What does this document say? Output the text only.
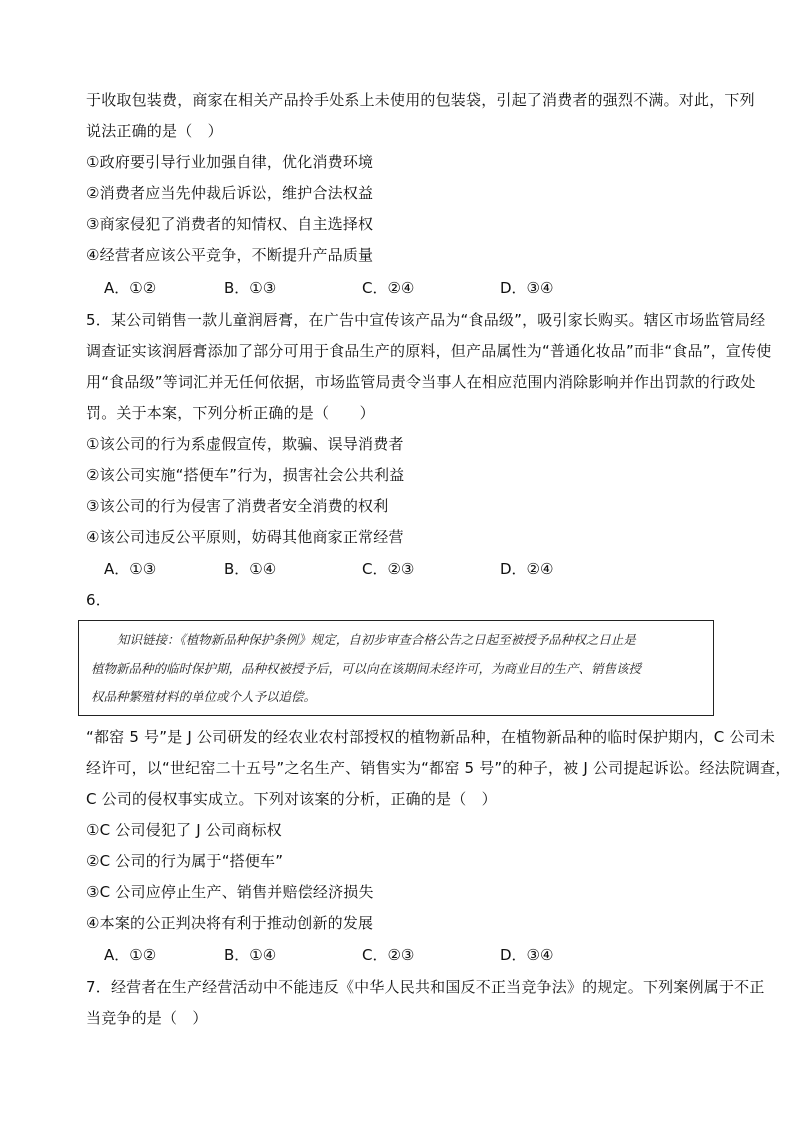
于收取包装费，商家在相关产品拎手处系上未使用的包装袋，引起了消费者的强烈不满。对此，下列
说法正确的是（　）
①政府要引导行业加强自律，优化消费环境
②消费者应当先仲裁后诉讼，维护合法权益
③商家侵犯了消费者的知情权、自主选择权
④经营者应该公平竞争，不断提升产品质量
A．①②	B．①③	C．②④	D．③④
5．某公司销售一款儿童润唇膏，在广告中宣传该产品为“食品级”，吸引家长购买。辖区市场监管局经
调查证实该润唇膏添加了部分可用于食品生产的原料，但产品属性为“普通化妆品”而非“食品”，宣传使
用“食品级”等词汇并无任何依据，市场监管局责令当事人在相应范围内消除影响并作出罚款的行政处
罚。关于本案，下列分析正确的是（　　）
①该公司的行为系虚假宣传，欺骗、误导消费者
②该公司实施“搭便车”行为，损害社会公共利益
③该公司的行为侵害了消费者安全消费的权利
④该公司违反公平原则，妨碍其他商家正常经营
A．①③	B．①④	C．②③	D．②④
6．
知识链接：《植物新品种保护条例》规定，自初步审查合格公告之日起至被授予品种权之日止是
植物新品种的临时保护期，品种权被授予后，可以向在该期间未经许可，为商业目的生产、销售该授
权品种繁殖材料的单位或个人予以追偿。
“都窑 5 号”是 J 公司研发的经农业农村部授权的植物新品种，在植物新品种的临时保护期内，C 公司未
经许可，以“世纪窑二十五号”之名生产、销售实为“都窑 5 号”的种子，被 J 公司提起诉讼。经法院调查，
C 公司的侵权事实成立。下列对该案的分析，正确的是（　）
①C 公司侵犯了 J 公司商标权
②C 公司的行为属于“搭便车”
③C 公司应停止生产、销售并赔偿经济损失
④本案的公正判决将有利于推动创新的发展
A．①②	B．①④	C．②③	D．③④
7．经营者在生产经营活动中不能违反《中华人民共和国反不正当竞争法》的规定。下列案例属于不正
当竞争的是（　）
